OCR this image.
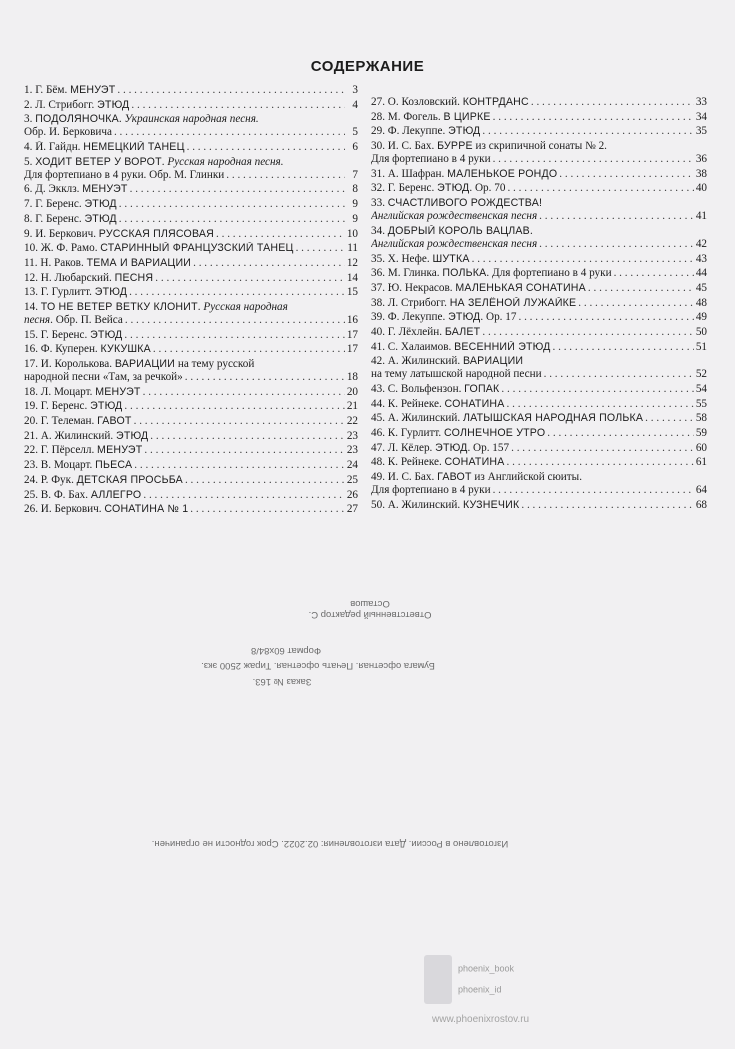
СОДЕРЖАНИЕ
1. Г. Бём. МЕНУЭТ . . .	3
2. Л. Стрибогг. ЭТЮД . . .	4
3. ПОДОЛЯНОЧКА. Украинская народная песня.
Обр. И. Берковича . . .	5
4. Й. Гайдн. НЕМЕЦКИЙ ТАНЕЦ . . .	6
5. ХОДИТ ВЕТЕР У ВОРОТ. Русская народная песня.
Для фортепиано в 4 руки. Обр. М. Глинки . . .	7
6. Д. Экклз. МЕНУЭТ . . .	8
7. Г. Беренс. ЭТЮД . . .	9
8. Г. Беренс. ЭТЮД . . .	9
9. И. Беркович. РУССКАЯ ПЛЯСОВАЯ . . .	10
10. Ж. Ф. Рамо. СТАРИННЫЙ ФРАНЦУЗСКИЙ ТАНЕЦ . . .	11
11. Н. Раков. ТЕМА И ВАРИАЦИИ . . .	12
12. Н. Любарский. ПЕСНЯ . . .	14
13. Г. Гурлитт. ЭТЮД . . .	15
14. ТО НЕ ВЕТЕР ВЕТКУ КЛОНИТ. Русская народная
песня. Обр. П. Вейса . . .	16
15. Г. Беренс. ЭТЮД . . .	17
16. Ф. Куперен. КУКУШКА . . .	17
17. И. Королькова. ВАРИАЦИИ на тему русской
народной песни «Там, за речкой» . . .	18
18. Л. Моцарт. МЕНУЭТ . . .	20
19. Г. Беренс. ЭТЮД . . .	21
20. Г. Телеман. ГАВОТ . . .	22
21. А. Жилинский. ЭТЮД . . .	23
22. Г. Пёрселл. МЕНУЭТ . . .	23
23. В. Моцарт. ПЬЕСА . . .	24
24. Р. Фук. ДЕТСКАЯ ПРОСЬБА . . .	25
25. В. Ф. Бах. АЛЛЕГРО . . .	26
26. И. Беркович. СОНАТИНА № 1 . . .	27
27. О. Козловский. КОНТРДАНС . . .	33
28. М. Фогель. В ЦИРКЕ . . .	34
29. Ф. Лекуппе. ЭТЮД . . .	35
30. И. С. Бах. БУРРЕ из скрипичной сонаты № 2.
Для фортепиано в 4 руки . . .	36
31. А. Шафран. МАЛЕНЬКОЕ РОНДО . . .	38
32. Г. Беренс. ЭТЮД. Ор. 70 . . .	40
33. СЧАСТЛИВОГО РОЖДЕСТВА!
Английская рождественская песня . . .	41
34. ДОБРЫЙ КОРОЛЬ ВАЦЛАВ.
Английская рождественская песня . . .	42
35. Х. Нефе. ШУТКА . . .	43
36. М. Глинка. ПОЛЬКА. Для фортепиано в 4 руки . . .	44
37. Ю. Некрасов. МАЛЕНЬКАЯ СОНАТИНА . . .	45
38. Л. Стрибогг. НА ЗЕЛЁНОЙ ЛУЖАЙКЕ . . .	48
39. Ф. Лекуппе. ЭТЮД. Ор. 17 . . .	49
40. Г. Лёхлейн. БАЛЕТ . . .	50
41. С. Халаимов. ВЕСЕННИЙ ЭТЮД . . .	51
42. А. Жилинский. ВАРИАЦИИ
на тему латышской народной песни . . .	52
43. С. Вольфензон. ГОПАК . . .	54
44. К. Рейнеке. СОНАТИНА . . .	55
45. А. Жилинский. ЛАТЫШСКАЯ НАРОДНАЯ ПОЛЬКА . . .	58
46. К. Гурлитт. СОЛНЕЧНОЕ УТРО . . .	59
47. Л. Кёлер. ЭТЮД. Ор. 157 . . .	60
48. К. Рейнеке. СОНАТИНА . . .	61
49. И. С. Бах. ГАВОТ из Английской сюиты.
Для фортепиано в 4 руки . . .	64
50. А. Жилинский. КУЗНЕЧИК . . .	68
Ответственный редактор С. Осташов
Формат 60x84/8
Бумага офсетная. Печать офсетная. Тираж 2500 экз.
Заказ № 163.
Изготовлено в России. Дата изготовления: 02.2022. Срок годности не ограничен.
phoenix_book
phoenix_id
www.phoenixrostov.ru
